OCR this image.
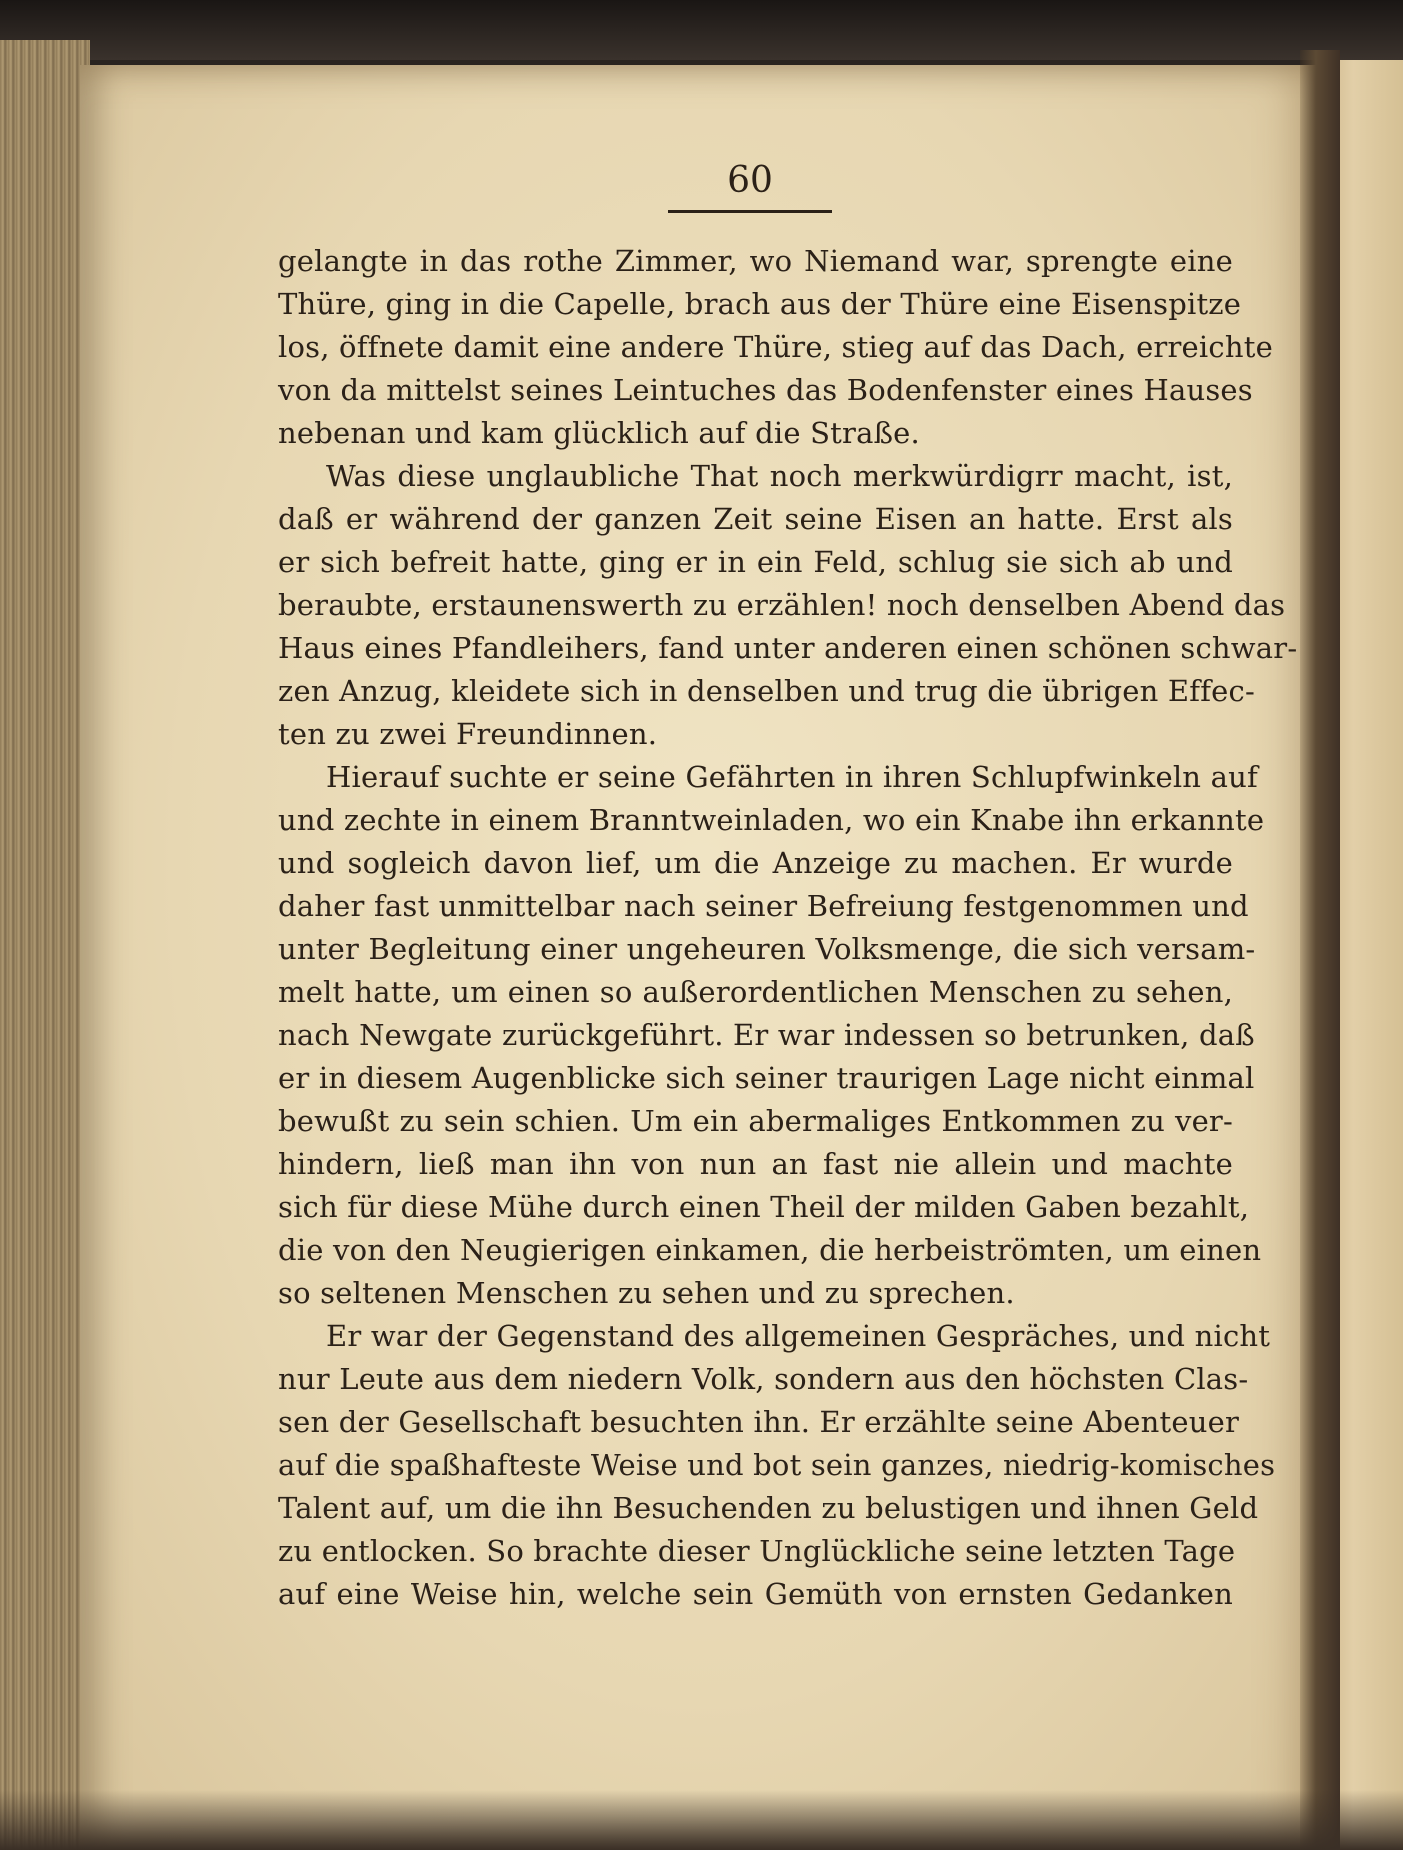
60
gelangte in das rothe Zimmer, wo Niemand war, sprengte eine
Thüre, ging in die Capelle, brach aus der Thüre eine Eisenspitze
los, öffnete damit eine andere Thüre, stieg auf das Dach, erreichte
von da mittelst seines Leintuches das Bodenfenster eines Hauses
nebenan und kam glücklich auf die Straße.
Was diese unglaubliche That noch merkwürdigrr macht, ist,
daß er während der ganzen Zeit seine Eisen an hatte. Erst als
er sich befreit hatte, ging er in ein Feld, schlug sie sich ab und
beraubte, erstaunenswerth zu erzählen! noch denselben Abend das
Haus eines Pfandleihers, fand unter anderen einen schönen schwar-
zen Anzug, kleidete sich in denselben und trug die übrigen Effec-
ten zu zwei Freundinnen.
Hierauf suchte er seine Gefährten in ihren Schlupfwinkeln auf
und zechte in einem Branntweinladen, wo ein Knabe ihn erkannte
und sogleich davon lief, um die Anzeige zu machen. Er wurde
daher fast unmittelbar nach seiner Befreiung festgenommen und
unter Begleitung einer ungeheuren Volksmenge, die sich versam-
melt hatte, um einen so außerordentlichen Menschen zu sehen,
nach Newgate zurückgeführt. Er war indessen so betrunken, daß
er in diesem Augenblicke sich seiner traurigen Lage nicht einmal
bewußt zu sein schien. Um ein abermaliges Entkommen zu ver-
hindern, ließ man ihn von nun an fast nie allein und machte
sich für diese Mühe durch einen Theil der milden Gaben bezahlt,
die von den Neugierigen einkamen, die herbeiströmten, um einen
so seltenen Menschen zu sehen und zu sprechen.
Er war der Gegenstand des allgemeinen Gespräches, und nicht
nur Leute aus dem niedern Volk, sondern aus den höchsten Clas-
sen der Gesellschaft besuchten ihn. Er erzählte seine Abenteuer
auf die spaßhafteste Weise und bot sein ganzes, niedrig-komisches
Talent auf, um die ihn Besuchenden zu belustigen und ihnen Geld
zu entlocken. So brachte dieser Unglückliche seine letzten Tage
auf eine Weise hin, welche sein Gemüth von ernsten Gedanken
